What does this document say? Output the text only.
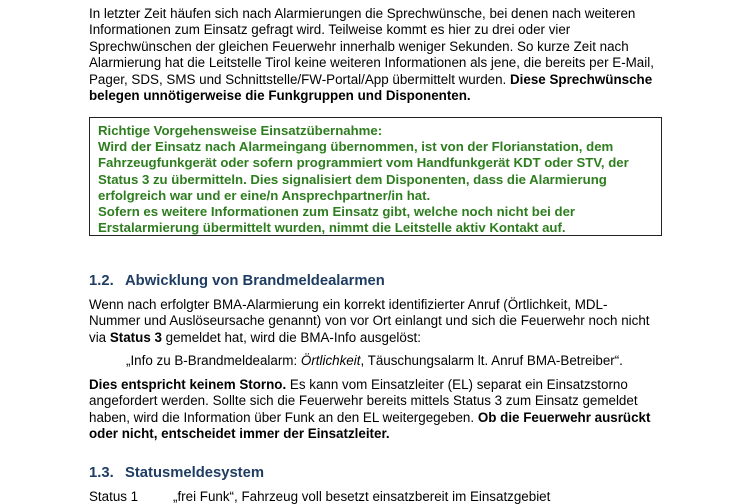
In letzter Zeit häufen sich nach Alarmierungen die Sprechwünsche, bei denen nach weiteren

Informationen zum Einsatz gefragt wird. Teilweise kommt es hier zu drei oder vier

Sprechwünschen der gleichen Feuerwehr innerhalb weniger Sekunden. So kurze Zeit nach

Alarmierung hat die Leitstelle Tirol keine weiteren Informationen als jene, die bereits per E-Mail,

Pager, SDS, SMS und Schnittstelle/FW-Portal/App übermittelt wurden. Diese Sprechwünsche

belegen unnötigerweise die Funkgruppen und Disponenten.

Richtige Vorgehensweise Einsatzübernahme:
Wird der Einsatz nach Alarmeingang übernommen, ist von der Florianstation, dem
Fahrzeugfunkgerät oder sofern programmiert vom Handfunkgerät KDT oder STV, der
Status 3 zu übermitteln. Dies signalisiert dem Disponenten, dass die Alarmierung
erfolgreich war und er eine/n Ansprechpartner/in hat.
Sofern es weitere Informationen zum Einsatz gibt, welche noch nicht bei der
Erstalarmierung übermittelt wurden, nimmt die Leitstelle aktiv Kontakt auf.
1.2. Abwicklung von Brandmeldealarmen

Wenn nach erfolgter BMA-Alarmierung ein korrekt identifizierter Anruf (Örtlichkeit, MDL-

Nummer und Auslöseursache genannt) von vor Ort einlangt und sich die Feuerwehr noch nicht

via Status 3 gemeldet hat, wird die BMA-Info ausgelöst:

„Info zu B-Brandmeldealarm: Örtlichkeit, Täuschungsalarm lt. Anruf BMA-Betreiber“.

Dies entspricht keinem Storno. Es kann vom Einsatzleiter (EL) separat ein Einsatzstorno

angefordert werden. Sollte sich die Feuerwehr bereits mittels Status 3 zum Einsatz gemeldet

haben, wird die Information über Funk an den EL weitergegeben. Ob die Feuerwehr ausrückt

oder nicht, entscheidet immer der Einsatzleiter.

1.3. Statusmeldesystem
Status 1	„frei Funk“, Fahrzeug voll besetzt einsatzbereit im Einsatzgebiet
